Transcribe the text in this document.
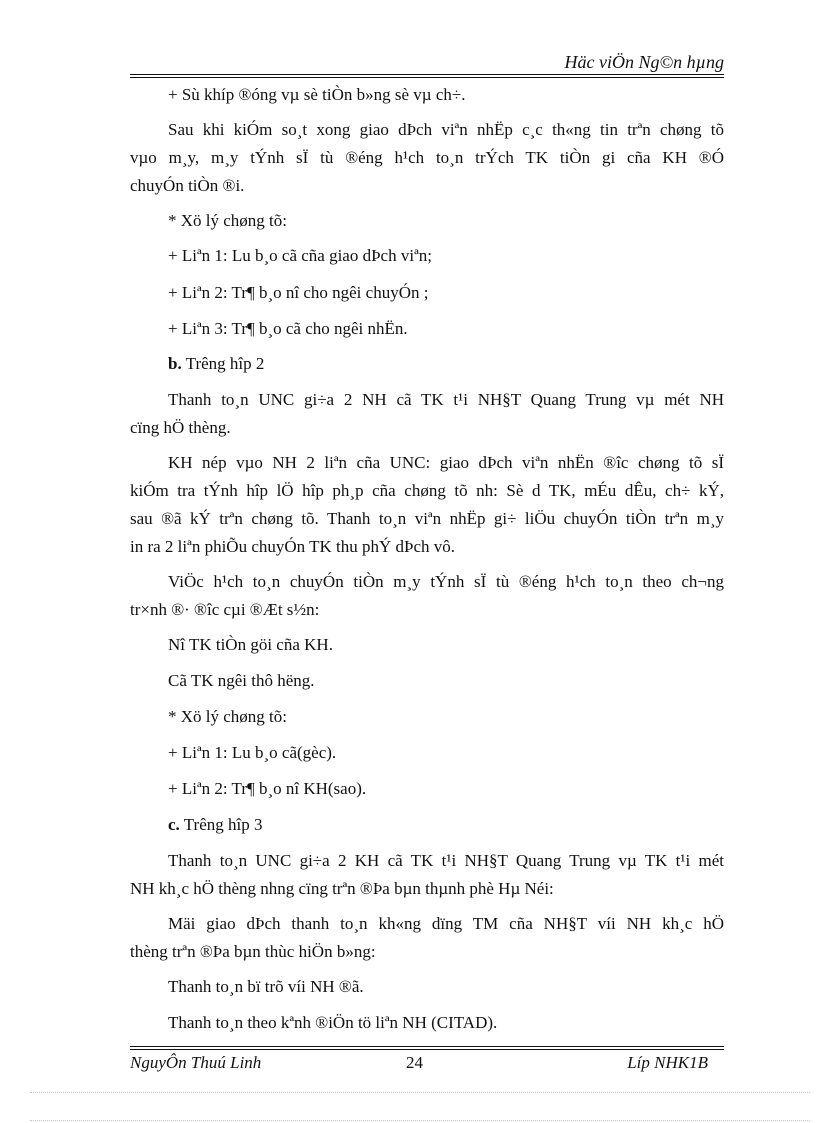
Häc viÖn Ng©n hµng
+ Sù khíp ®óng vµ sè tiÒn b»ng sè vµ ch÷.
Sau khi kiÓm so¸t xong giao dÞch viªn nhËp c¸c th«ng tin trªn chøng tõ
vµo m¸y, m¸y tÝnh sÏ tù ®éng h¹ch to¸n trÝch TK tiÒn gi cña KH ®Ó
chuyÓn tiÒn ®i.
* Xö lý chøng tõ:
+ Liªn 1: Lu b¸o cã cña giao dÞch viªn;
+ Liªn 2: Tr¶ b¸o nî cho ngêi chuyÓn ;
+ Liªn 3: Tr¶ b¸o cã cho ngêi nhËn.
b. Trêng hîp 2
Thanh to¸n UNC gi÷a 2 NH cã TK t¹i NH§T Quang Trung vµ mét NH
cïng hÖ thèng.
KH nép vµo NH 2 liªn cña UNC: giao dÞch viªn nhËn ®îc chøng tõ sÏ
kiÓm tra tÝnh hîp lÖ hîp ph¸p cña chøng tõ nh: Sè d TK, mÉu dÊu, ch÷ kÝ,
sau ®ã kÝ trªn chøng tõ. Thanh to¸n viªn nhËp gi÷ liÖu chuyÓn tiÒn trªn m¸y
in ra 2 liªn phiÕu chuyÓn TK thu phÝ dÞch vô.
ViÖc h¹ch to¸n chuyÓn tiÒn m¸y tÝnh sÏ tù ®éng h¹ch to¸n theo ch¬ng
tr×nh ®· ®îc cµi ®Æt s½n:
Nî TK tiÒn göi cña KH.
Cã TK ngêi thô hëng.
* Xö lý chøng tõ:
+ Liªn 1: Lu b¸o cã(gèc).
+ Liªn 2: Tr¶ b¸o nî KH(sao).
c. Trêng hîp 3
Thanh to¸n UNC gi÷a 2 KH cã TK t¹i NH§T Quang Trung vµ TK t¹i mét
NH kh¸c hÖ thèng nhng cïng trªn ®Þa bµn thµnh phè Hµ Néi:
Mäi giao dÞch thanh to¸n kh«ng dïng TM cña NH§T víi NH kh¸c hÖ
thèng trªn ®Þa bµn thùc hiÖn b»ng:
Thanh to¸n bï trõ víi NH ®ã.
Thanh to¸n theo kªnh ®iÖn tö liªn NH (CITAD).
NguyÔn Thuú Linh	24	Líp NHK1B
